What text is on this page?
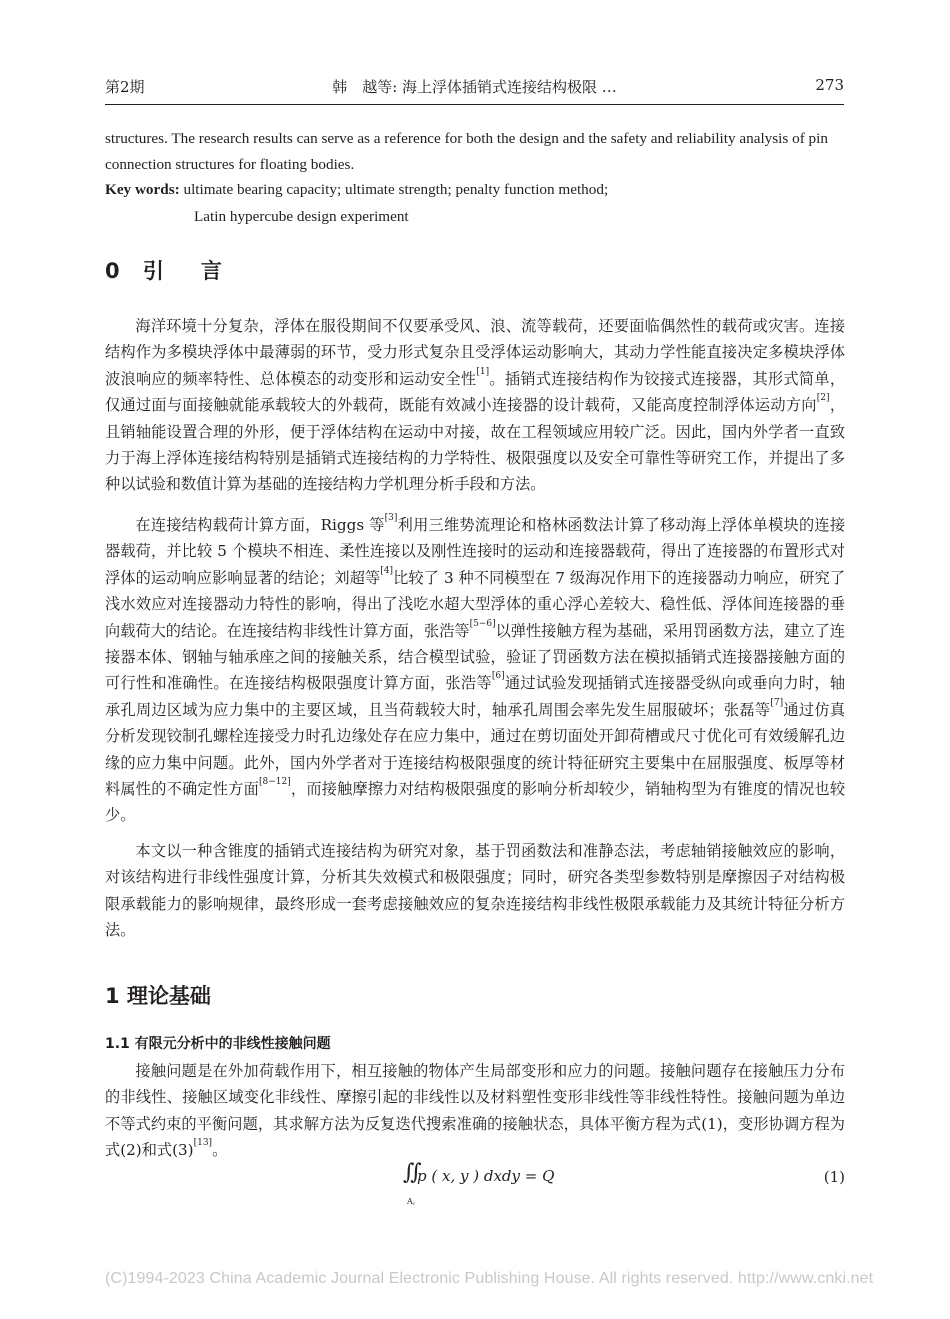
第2期	韩　越等: 海上浮体插销式连接结构极限 …	273

structures. The research results can serve as a reference for both the design and the safety and reliability analysis of pin connection structures for floating bodies.

Key words: ultimate bearing capacity; ultimate strength; penalty function method;
Latin hypercube design experiment
0 引　言

海洋环境十分复杂，浮体在服役期间不仅要承受风、浪、流等载荷，还要面临偶然性的载荷或灾害。连接结构作为多模块浮体中最薄弱的环节，受力形式复杂且受浮体运动影响大，其动力学性能直接决定多模块浮体波浪响应的频率特性、总体模态的动变形和运动安全性[1]。插销式连接结构作为铰接式连接器，其形式简单，仅通过面与面接触就能承载较大的外载荷，既能有效减小连接器的设计载荷，又能高度控制浮体运动方向[2]，且销轴能设置合理的外形，便于浮体结构在运动中对接，故在工程领域应用较广泛。因此，国内外学者一直致力于海上浮体连接结构特别是插销式连接结构的力学特性、极限强度以及安全可靠性等研究工作，并提出了多种以试验和数值计算为基础的连接结构力学机理分析手段和方法。

在连接结构载荷计算方面，Riggs 等[3]利用三维势流理论和格林函数法计算了移动海上浮体单模块的连接器载荷，并比较 5 个模块不相连、柔性连接以及刚性连接时的运动和连接器载荷，得出了连接器的布置形式对浮体的运动响应影响显著的结论；刘超等[4]比较了 3 种不同模型在 7 级海况作用下的连接器动力响应，研究了浅水效应对连接器动力特性的影响，得出了浅吃水超大型浮体的重心浮心差较大、稳性低、浮体间连接器的垂向载荷大的结论。在连接结构非线性计算方面，张浩等[5−6]以弹性接触方程为基础，采用罚函数方法，建立了连接器本体、钢轴与轴承座之间的接触关系，结合模型试验，验证了罚函数方法在模拟插销式连接器接触方面的可行性和准确性。在连接结构极限强度计算方面，张浩等[6]通过试验发现插销式连接器受纵向或垂向力时，轴承孔周边区域为应力集中的主要区域，且当荷载较大时，轴承孔周围会率先发生屈服破坏；张磊等[7]通过仿真分析发现铰制孔螺栓连接受力时孔边缘处存在应力集中，通过在剪切面处开卸荷槽或尺寸优化可有效缓解孔边缘的应力集中问题。此外，国内外学者对于连接结构极限强度的统计特征研究主要集中在屈服强度、板厚等材料属性的不确定性方面[8−12]，而接触摩擦力对结构极限强度的影响分析却较少，销轴构型为有锥度的情况也较少。

本文以一种含锥度的插销式连接结构为研究对象，基于罚函数法和准静态法，考虑轴销接触效应的影响，对该结构进行非线性强度计算，分析其失效模式和极限强度；同时，研究各类型参数特别是摩擦因子对结构极限承载能力的影响规律，最终形成一套考虑接触效应的复杂连接结构非线性极限承载能力及其统计特征分析方法。

1 理论基础
1.1 有限元分析中的非线性接触问题

接触问题是在外加荷载作用下，相互接触的物体产生局部变形和应力的问题。接触问题存在接触压力分布的非线性、接触区域变化非线性、摩擦引起的非线性以及材料塑性变形非线性等非线性特性。接触问题为单边不等式约束的平衡问题，其求解方法为反复迭代搜索准确的接触状态，具体平衡方程为式(1)，变形协调方程为式(2)和式(3)[13]。

∬
A꜀
p ( x, y ) dxdy = Q	(1)
(C)1994-2023 China Academic Journal Electronic Publishing House. All rights reserved. http://www.cnki.net
